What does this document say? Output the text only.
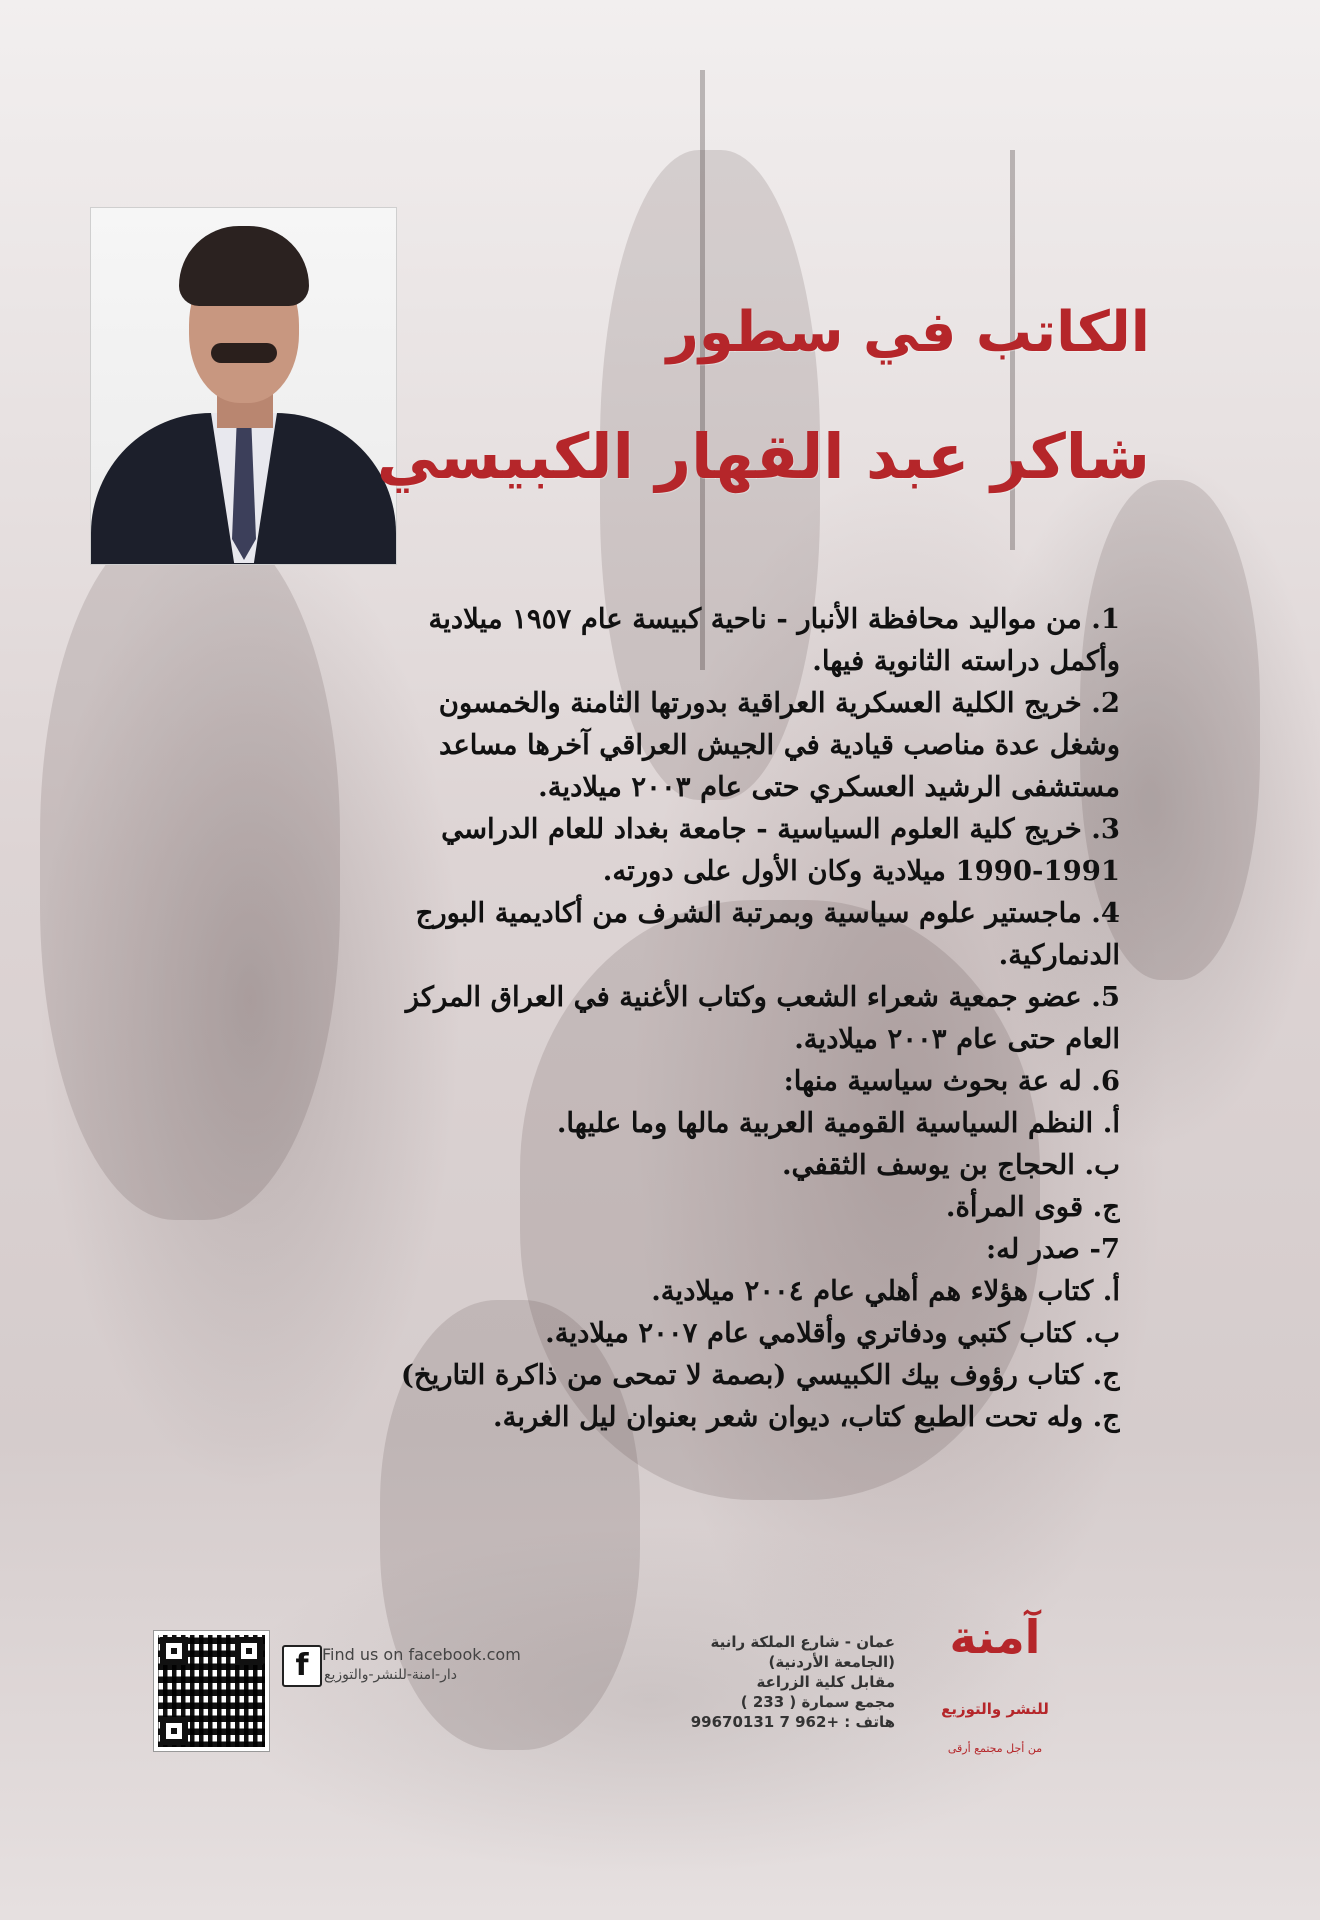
الكاتب في سطور
شاكر عبد القهار الكبيسي
1. من مواليد محافظة الأنبار - ناحية كبيسة عام ١٩٥٧ ميلادية
وأكمل دراسته الثانوية فيها.
2. خريج الكلية العسكرية العراقية بدورتها الثامنة والخمسون
وشغل عدة مناصب قيادية في الجيش العراقي آخرها مساعد
مستشفى الرشيد العسكري حتى عام ٢٠٠٣ ميلادية.
3. خريج كلية العلوم السياسية - جامعة بغداد للعام الدراسي
1990-1991 ميلادية وكان الأول على دورته.
4. ماجستير علوم سياسية وبمرتبة الشرف من أكاديمية البورج
الدنماركية.
5. عضو جمعية شعراء الشعب وكتاب الأغنية في العراق المركز
العام حتى عام ٢٠٠٣ ميلادية.
6. له عة بحوث سياسية منها:
أ. النظم السياسية القومية العربية مالها وما عليها.
ب. الحجاج بن يوسف الثقفي.
ج. قوى المرأة.
7- صدر له:
أ. كتاب هؤلاء هم أهلي عام ٢٠٠٤ ميلادية.
ب. كتاب كتبي ودفاتري وأقلامي عام ٢٠٠٧ ميلادية.
ج. كتاب رؤوف بيك الكبيسي (بصمة لا تمحى من ذاكرة التاريخ)
ج. وله تحت الطبع كتاب، ديوان شعر بعنوان ليل الغربة.
آمنة
للنشر والتوزيع
من أجل مجتمع أرقى
عمان - شارع الملكة رانية
(الجامعة الأردنية)
مقابل كلية الزراعة
مجمع سمارة ( 233 )
هاتف : +962 7 99670131
f Find us on facebook.com
دار-امنة-للنشر-والتوزيع
